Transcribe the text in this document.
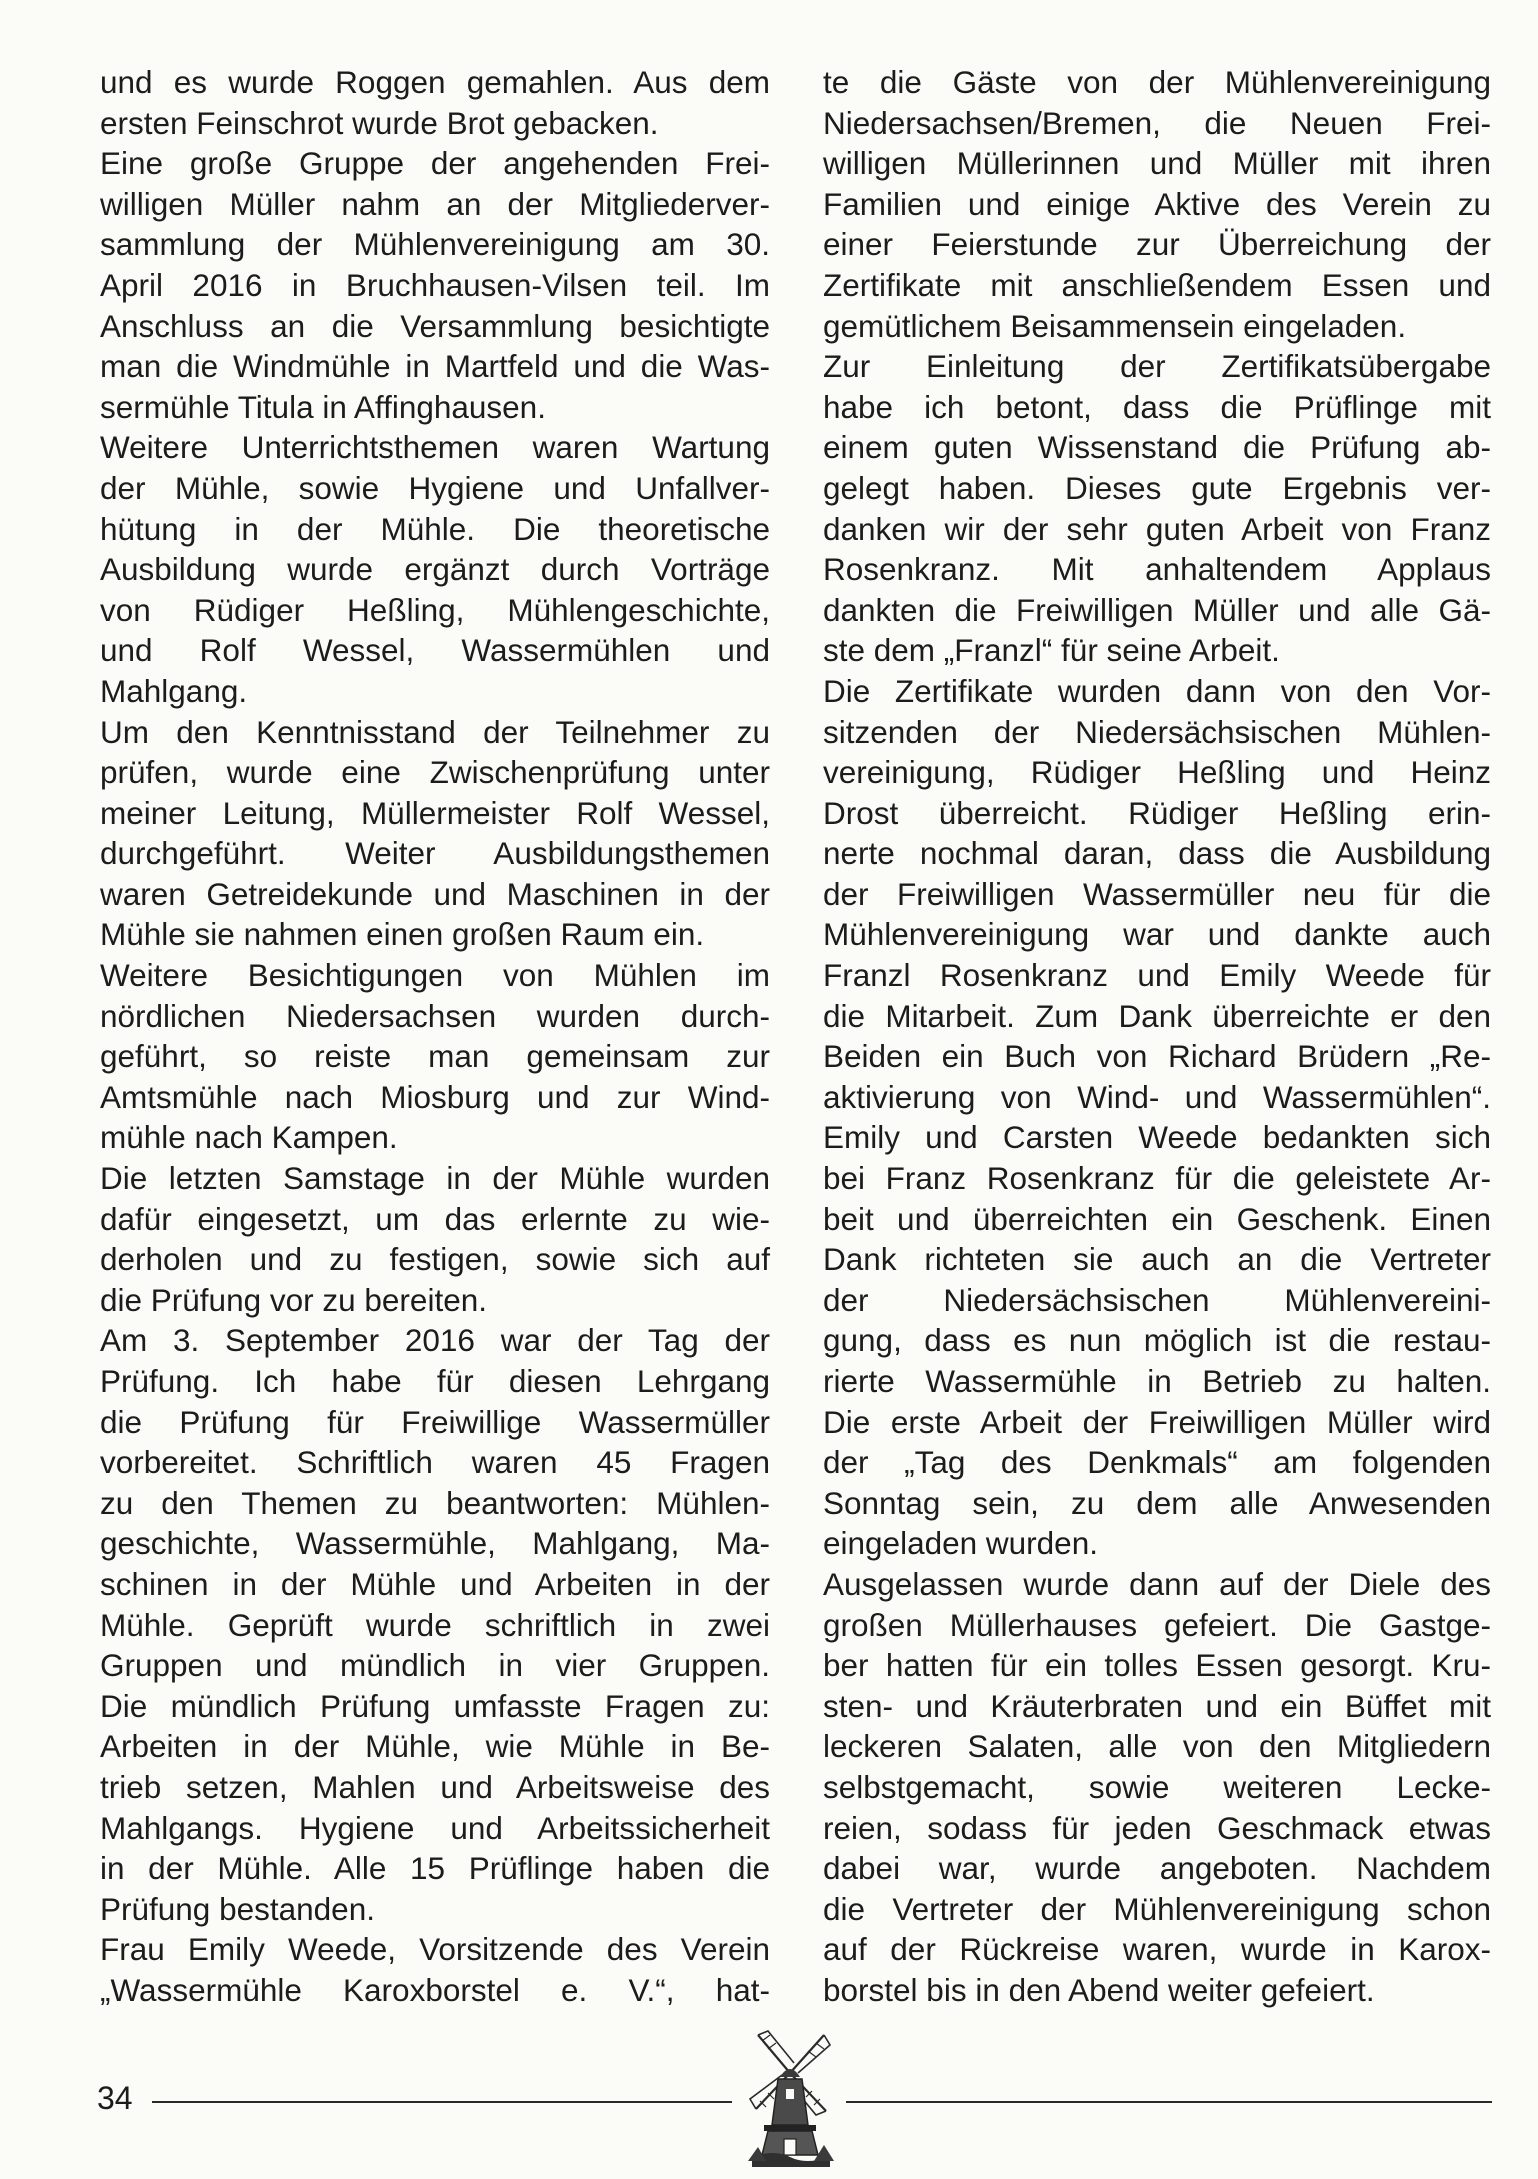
und es wurde Roggen gemahlen. Aus dem
ersten Feinschrot wurde Brot gebacken.
Eine große Gruppe der angehenden Frei-
willigen Müller nahm an der Mitgliederver-
sammlung der Mühlenvereinigung am 30.
April 2016 in Bruchhausen-Vilsen teil. Im
Anschluss an die Versammlung besichtigte
man die Windmühle in Martfeld und die Was-
sermühle Titula in Affinghausen.
Weitere Unterrichtsthemen waren Wartung
der Mühle, sowie Hygiene und Unfallver-
hütung in der Mühle. Die theoretische
Ausbildung wurde ergänzt durch Vorträge
von Rüdiger Heßling, Mühlengeschichte,
und Rolf Wessel, Wassermühlen und
Mahlgang.
Um den Kenntnisstand der Teilnehmer zu
prüfen, wurde eine Zwischenprüfung unter
meiner Leitung, Müllermeister Rolf Wessel,
durchgeführt. Weiter Ausbildungsthemen
waren Getreidekunde und Maschinen in der
Mühle sie nahmen einen großen Raum ein.
Weitere Besichtigungen von Mühlen im
nördlichen Niedersachsen wurden durch-
geführt, so reiste man gemeinsam zur
Amtsmühle nach Miosburg und zur Wind-
mühle nach Kampen.
Die letzten Samstage in der Mühle wurden
dafür eingesetzt, um das erlernte zu wie-
derholen und zu festigen, sowie sich auf
die Prüfung vor zu bereiten.
Am 3. September 2016 war der Tag der
Prüfung. Ich habe für diesen Lehrgang
die Prüfung für Freiwillige Wassermüller
vorbereitet. Schriftlich waren 45 Fragen
zu den Themen zu beantworten: Mühlen-
geschichte, Wassermühle, Mahlgang, Ma-
schinen in der Mühle und Arbeiten in der
Mühle. Geprüft wurde schriftlich in zwei
Gruppen und mündlich in vier Gruppen.
Die mündlich Prüfung umfasste Fragen zu:
Arbeiten in der Mühle, wie Mühle in Be-
trieb setzen, Mahlen und Arbeitsweise des
Mahlgangs. Hygiene und Arbeitssicherheit
in der Mühle. Alle 15 Prüflinge haben die
Prüfung bestanden.
Frau Emily Weede, Vorsitzende des Verein
„Wassermühle Karoxborstel e. V.“, hat-
te die Gäste von der Mühlenvereinigung
Niedersachsen/Bremen, die Neuen Frei-
willigen Müllerinnen und Müller mit ihren
Familien und einige Aktive des Verein zu
einer Feierstunde zur Überreichung der
Zertifikate mit anschließendem Essen und
gemütlichem Beisammensein eingeladen.
Zur Einleitung der Zertifikatsübergabe
habe ich betont, dass die Prüflinge mit
einem guten Wissenstand die Prüfung ab-
gelegt haben. Dieses gute Ergebnis ver-
danken wir der sehr guten Arbeit von Franz
Rosenkranz. Mit anhaltendem Applaus
dankten die Freiwilligen Müller und alle Gä-
ste dem „Franzl“ für seine Arbeit.
Die Zertifikate wurden dann von den Vor-
sitzenden der Niedersächsischen Mühlen-
vereinigung, Rüdiger Heßling und Heinz
Drost überreicht. Rüdiger Heßling erin-
nerte nochmal daran, dass die Ausbildung
der Freiwilligen Wassermüller neu für die
Mühlenvereinigung war und dankte auch
Franzl Rosenkranz und Emily Weede für
die Mitarbeit. Zum Dank überreichte er den
Beiden ein Buch von Richard Brüdern „Re-
aktivierung von Wind- und Wassermühlen“.
Emily und Carsten Weede bedankten sich
bei Franz Rosenkranz für die geleistete Ar-
beit und überreichten ein Geschenk. Einen
Dank richteten sie auch an die Vertreter
der Niedersächsischen Mühlenvereini-
gung, dass es nun möglich ist die restau-
rierte Wassermühle in Betrieb zu halten.
Die erste Arbeit der Freiwilligen Müller wird
der „Tag des Denkmals“ am folgenden
Sonntag sein, zu dem alle Anwesenden
eingeladen wurden.
Ausgelassen wurde dann auf der Diele des
großen Müllerhauses gefeiert. Die Gastge-
ber hatten für ein tolles Essen gesorgt. Kru-
sten- und Kräuterbraten und ein Büffet mit
leckeren Salaten, alle von den Mitgliedern
selbstgemacht, sowie weiteren Lecke-
reien, sodass für jeden Geschmack etwas
dabei war, wurde angeboten. Nachdem
die Vertreter der Mühlenvereinigung schon
auf der Rückreise waren, wurde in Karox-
borstel bis in den Abend weiter gefeiert.
34
